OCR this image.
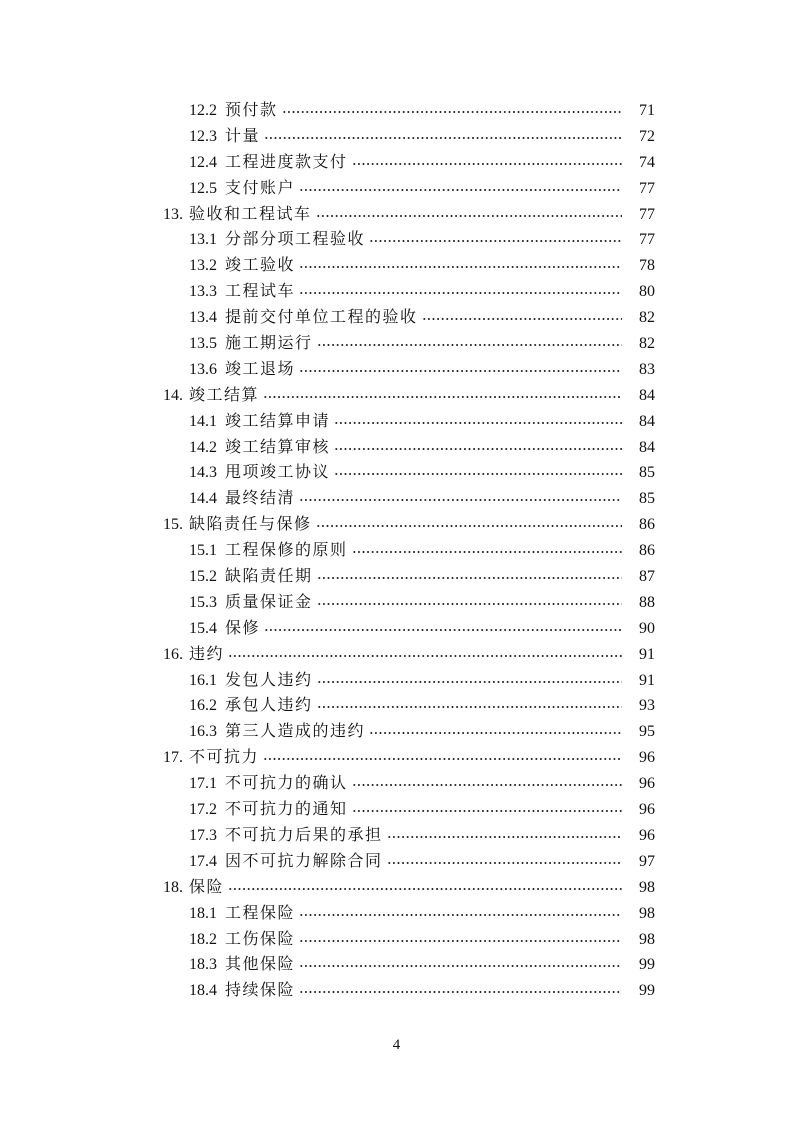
12.2 预付款	71
12.3 计量	72
12.4 工程进度款支付	74
12.5 支付账户	77
13. 验收和工程试车	77
13.1 分部分项工程验收	77
13.2 竣工验收	78
13.3 工程试车	80
13.4 提前交付单位工程的验收	82
13.5 施工期运行	82
13.6 竣工退场	83
14. 竣工结算	84
14.1 竣工结算申请	84
14.2 竣工结算审核	84
14.3 甩项竣工协议	85
14.4 最终结清	85
15. 缺陷责任与保修	86
15.1 工程保修的原则	86
15.2 缺陷责任期	87
15.3 质量保证金	88
15.4 保修	90
16. 违约	91
16.1 发包人违约	91
16.2 承包人违约	93
16.3 第三人造成的违约	95
17. 不可抗力	96
17.1 不可抗力的确认	96
17.2 不可抗力的通知	96
17.3 不可抗力后果的承担	96
17.4 因不可抗力解除合同	97
18. 保险	98
18.1 工程保险	98
18.2 工伤保险	98
18.3 其他保险	99
18.4 持续保险	99
4
